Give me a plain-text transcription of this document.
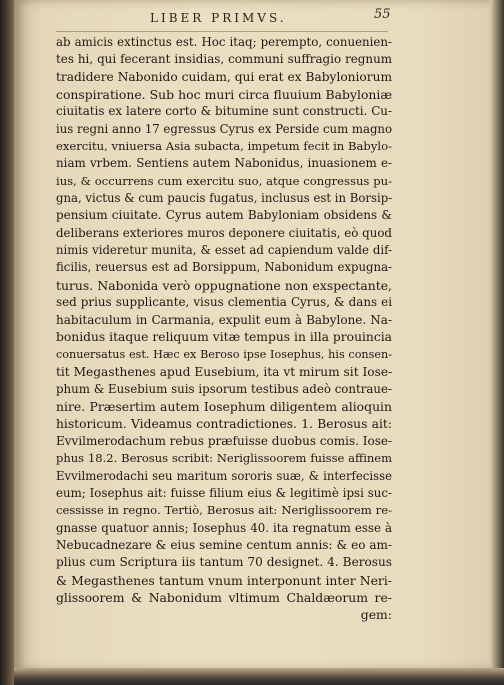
LIBER PRIMVS.	55
ab amicis extinctus est. Hoc itaq; perempto, conuenien-
tes hi, qui fecerant insidias, communi suffragio regnum
tradidere Nabonido cuidam, qui erat ex Babyloniorum
conspiratione. Sub hoc muri circa fluuium Babyloniæ
ciuitatis ex latere corto & bitumine sunt constructi. Cu-
ius regni anno 17 egressus Cyrus ex Perside cum magno
exercitu, vniuersa Asia subacta, impetum fecit in Babylo-
niam vrbem. Sentiens autem Nabonidus, inuasionem e-
ius, & occurrens cum exercitu suo, atque congressus pu-
gna, victus & cum paucis fugatus, inclusus est in Borsip-
pensium ciuitate. Cyrus autem Babyloniam obsidens &
deliberans exteriores muros deponere ciuitatis, eò quod
nimis videretur munita, & esset ad capiendum valde dif-
ficilis, reuersus est ad Borsippum, Nabonidum expugna-
turus. Nabonida verò oppugnatione non exspectante,
sed prius supplicante, visus clementia Cyrus, & dans ei
habitaculum in Carmania, expulit eum à Babylone. Na-
bonidus itaque reliquum vitæ tempus in illa prouincia
conuersatus est. Hæc ex Beroso ipse Iosephus, his consen-
tit Megasthenes apud Eusebium, ita vt mirum sit Iose-
phum & Eusebium suis ipsorum testibus adeò contraue-
nire. Præsertim autem Iosephum diligentem alioquin
historicum. Videamus contradictiones. 1. Berosus ait:
Evvilmerodachum rebus præfuisse duobus comis. Iose-
phus 18.2. Berosus scribit: Neriglissoorem fuisse affinem
Evvilmerodachi seu maritum sororis suæ, & interfecisse
eum; Iosephus ait: fuisse filium eius & legitimè ipsi suc-
cessisse in regno. Tertiò, Berosus ait: Neriglissoorem re-
gnasse quatuor annis; Iosephus 40. ita regnatum esse à
Nebucadnezare & eius semine centum annis: & eo am-
plius cum Scriptura iis tantum 70 designet. 4. Berosus
& Megasthenes tantum vnum interponunt inter Neri-
glissoorem & Nabonidum vltimum Chaldæorum re-
gem:
